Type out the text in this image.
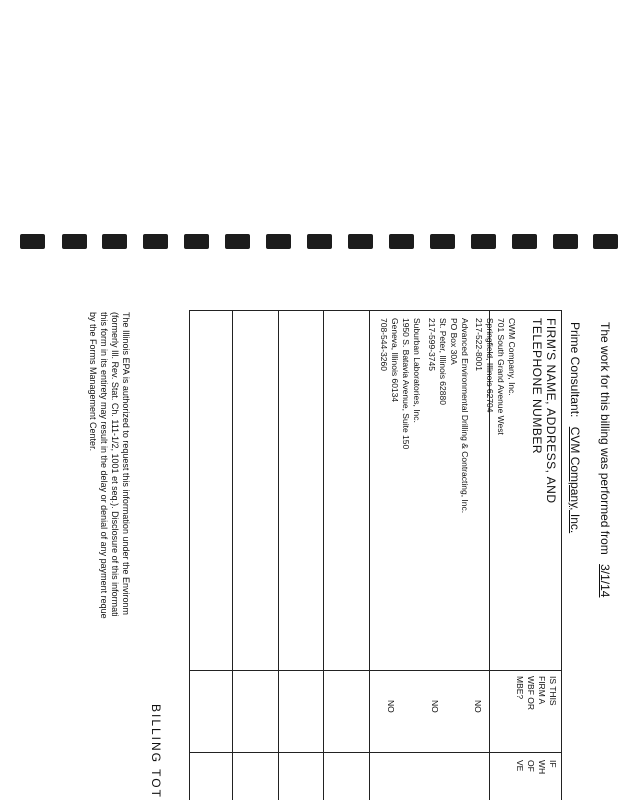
The work for this billing was performed from 3/1/14
Prime Consultant: CVM Company, Inc.
FIRM'S NAME, ADDRESS, AND
TELEPHONE NUMBER
IS THIS
FIRM A
WBF OR
MBE?
IF
WH
OF
VE
CWM Company, Inc.
701 South Grand Avenue West
Springfield, Illinois 62704
217-522-8001
NO
Advanced Environmental Drilling & Contracting, Inc.
PO Box 30A
St. Peter, Illinois 62880
217-599-3745
NO
Suburban Laboratories, Inc.
1950 S. Batavia Avenue, Suite 150
Geneva, Illinois 60134
708-544-3260
NO
BILLING TOT
The Illinois EPA is authorized to request this information under the Environm
(formerly Ill. Rev. Stat. Ch. 111-1/2, 1001 et seq.). Disclosure of this informati
this form in its entirety may result in the delay or denial of any payment reque
by the Forms Management Center.
